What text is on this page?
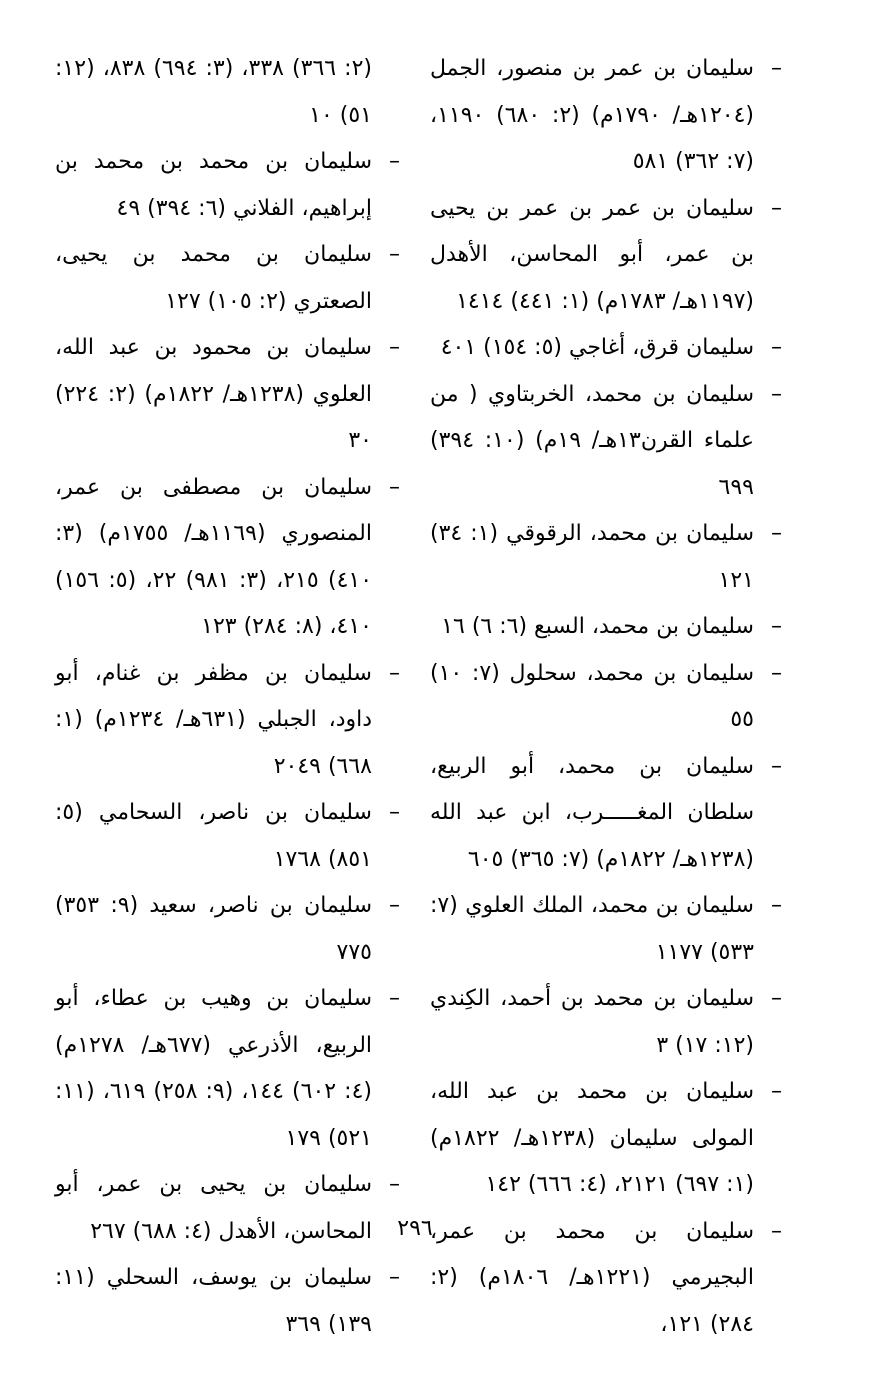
–
سليمان بن عمر بن منصور، الجمل (١٢٠٤هـ/ ١٧٩٠م) (٢: ٦٨٠) ١١٩٠، (٧: ٣٦٢) ٥٨١
–
سليمان بن عمر بن عمر بن يحيى بن عمر، أبو المحاسن، الأهدل (١١٩٧هـ/ ١٧٨٣م) (١: ٤٤١) ١٤١٤
–
سليمان قرق، أغاجي (٥: ١٥٤) ٤٠١
–
سليمان بن محمد، الخربتاوي ( من علماء القرن١٣هـ/ ١٩م) (١٠: ٣٩٤) ٦٩٩
–
سليمان بن محمد، الرقوقي (١: ٣٤) ١٢١
–
سليمان بن محمد، السبع (٦: ٦) ١٦
–
سليمان بن محمد، سحلول (٧: ١٠) ٥٥
–
سليمان بن محمد، أبو الربيع، سلطان المغـــــرب، ابن عبد الله (١٢٣٨هـ/ ١٨٢٢م) (٧: ٣٦٥) ٦٠٥
–
سليمان بن محمد، الملك العلوي (٧: ٥٣٣) ١١٧٧
–
سليمان بن محمد بن أحمد، الكِندي (١٢: ١٧) ٣
–
سليمان بن محمد بن عبد الله، المولى سليمان (١٢٣٨هـ/ ١٨٢٢م) (١: ٦٩٧) ٢١٢١، (٤: ٦٦٦) ١٤٢
–
سليمان بن محمد بن عمر، البجيرمي (١٢٢١هـ/ ١٨٠٦م) (٢: ٢٨٤) ١٢١،
(٢: ٣٦٦) ٣٣٨، (٣: ٦٩٤) ٨٣٨، (١٢: ٥١) ١٠
–
سليمان بن محمد بن محمد بن إبراهيم، الفلاني (٦: ٣٩٤) ٤٩
–
سليمان بن محمد بن يحيى، الصعتري (٢: ١٠٥) ١٢٧
–
سليمان بن محمود بن عبد الله، العلوي (١٢٣٨هـ/ ١٨٢٢م) (٢: ٢٢٤) ٣٠
–
سليمان بن مصطفى بن عمر، المنصوري (١١٦٩هـ/ ١٧٥٥م) (٣: ٤١٠) ٢١٥، (٣: ٩٨١) ٢٢، (٥: ١٥٦) ٤١٠، (٨: ٢٨٤) ١٢٣
–
سليمان بن مظفر بن غنام، أبو داود، الجبلي (٦٣١هـ/ ١٢٣٤م) (١: ٦٦٨) ٢٠٤٩
–
سليمان بن ناصر، السحامي (٥: ٨٥١) ١٧٦٨
–
سليمان بن ناصر، سعيد (٩: ٣٥٣) ٧٧٥
–
سليمان بن وهيب بن عطاء، أبو الربيع، الأذرعي (٦٧٧هـ/ ١٢٧٨م) (٤: ٦٠٢) ١٤٤، (٩: ٢٥٨) ٦١٩، (١١: ٥٢١) ١٧٩
–
سليمان بن يحيى بن عمر، أبو المحاسن، الأهدل (٤: ٦٨٨) ٢٦٧
–
سليمان بن يوسف، السحلي (١١: ١٣٩) ٣٦٩
٢٩٦
